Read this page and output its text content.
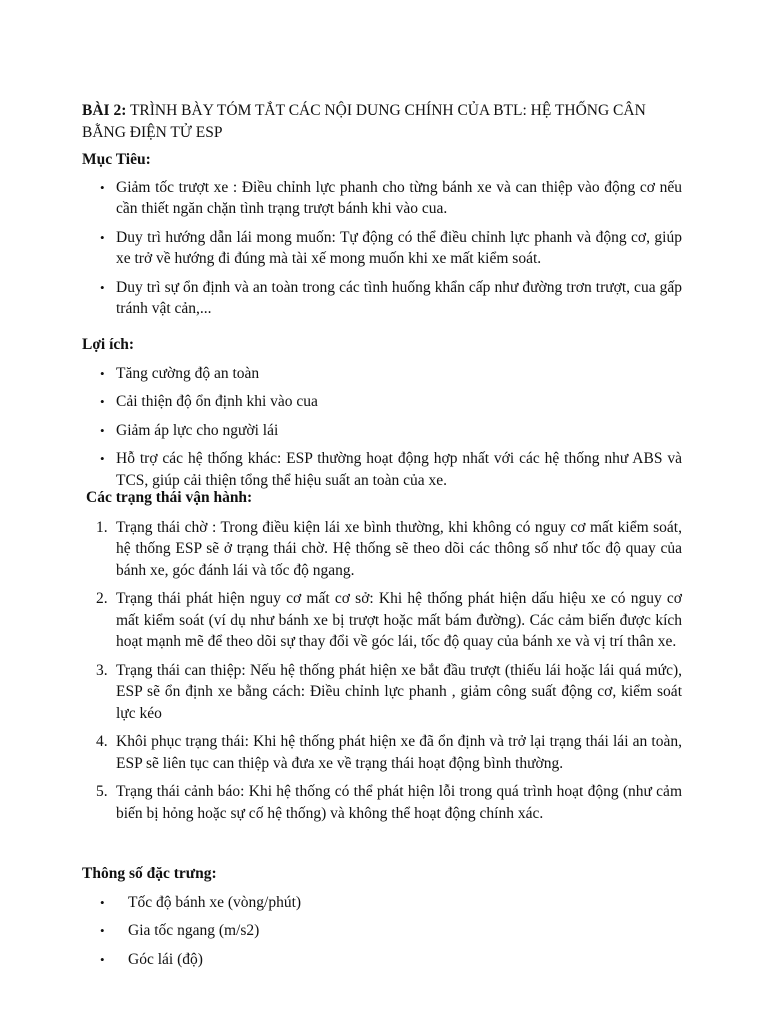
BÀI 2: TRÌNH BÀY TÓM TẮT CÁC NỘI DUNG CHÍNH CỦA BTL: HỆ THỐNG CÂN BẰNG ĐIỆN TỬ ESP
Mục Tiêu:
• Giảm tốc trượt xe : Điều chỉnh lực phanh cho từng bánh xe và can thiệp vào động cơ nếu cần thiết ngăn chặn tình trạng trượt bánh khi vào cua.
• Duy trì hướng dẫn lái mong muốn: Tự động có thể điều chỉnh lực phanh và động cơ, giúp xe trở về hướng đi đúng mà tài xế mong muốn khi xe mất kiểm soát.
• Duy trì sự ổn định và an toàn trong các tình huống khẩn cấp như đường trơn trượt, cua gấp tránh vật cản,...
Lợi ích:
• Tăng cường độ an toàn
• Cải thiện độ ổn định khi vào cua
• Giảm áp lực cho người lái
• Hỗ trợ các hệ thống khác: ESP thường hoạt động hợp nhất với các hệ thống như ABS và TCS, giúp cải thiện tổng thể hiệu suất an toàn của xe.
Các trạng thái vận hành:
1. Trạng thái chờ : Trong điều kiện lái xe bình thường, khi không có nguy cơ mất kiểm soát, hệ thống ESP sẽ ở trạng thái chờ. Hệ thống sẽ theo dõi các thông số như tốc độ quay của bánh xe, góc đánh lái và tốc độ ngang.
2. Trạng thái phát hiện nguy cơ mất cơ sở: Khi hệ thống phát hiện dấu hiệu xe có nguy cơ mất kiểm soát (ví dụ như bánh xe bị trượt hoặc mất bám đường). Các cảm biến được kích hoạt mạnh mẽ để theo dõi sự thay đổi về góc lái, tốc độ quay của bánh xe và vị trí thân xe.
3. Trạng thái can thiệp: Nếu hệ thống phát hiện xe bắt đầu trượt (thiếu lái hoặc lái quá mức), ESP sẽ ổn định xe bằng cách: Điều chỉnh lực phanh , giảm công suất động cơ, kiểm soát lực kéo
4. Khôi phục trạng thái: Khi hệ thống phát hiện xe đã ổn định và trở lại trạng thái lái an toàn, ESP sẽ liên tục can thiệp và đưa xe về trạng thái hoạt động bình thường.
5. Trạng thái cảnh báo: Khi hệ thống có thể phát hiện lỗi trong quá trình hoạt động (như cảm biến bị hỏng hoặc sự cố hệ thống) và không thể hoạt động chính xác.
Thông số đặc trưng:
• Tốc độ bánh xe (vòng/phút)
• Gia tốc ngang (m/s2)
• Góc lái (độ)
